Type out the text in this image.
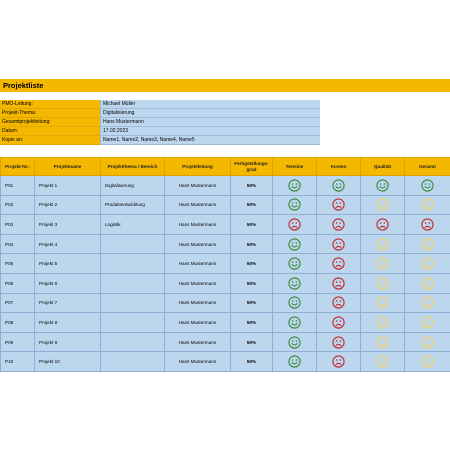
Projektliste
PMO-Leitung:	Michael Müller
Projekt-Thema:	Digitalisierung
Gesamtprojektleitung:	Hans Mustermann
Datum:	17.02.2023
Kopie an:	Name1, Name2, Name3, Name4, Name5
Projekt-Nr.:	Projektname	Projektthema / Bereich	Projektleitung	Fertigstellungs-grad	Termine	Kosten	Qualität	Gesamt
P01	Projekt 1	Digitalisierung	Hans Mustermann	50%				
P02	Projekt 2	Produktentwicklung	Hans Mustermann	50%				
P03	Projekt 3	Logistik	Hans Mustermann	50%				
P04	Projekt 4		Hans Mustermann	50%				
P05	Projekt 5		Hans Mustermann	50%				
P06	Projekt 6		Hans Mustermann	50%				
P07	Projekt 7		Hans Mustermann	50%				
P08	Projekt 8		Hans Mustermann	50%				
P09	Projekt 9		Hans Mustermann	50%				
P10	Projekt 10		Hans Mustermann	50%				
